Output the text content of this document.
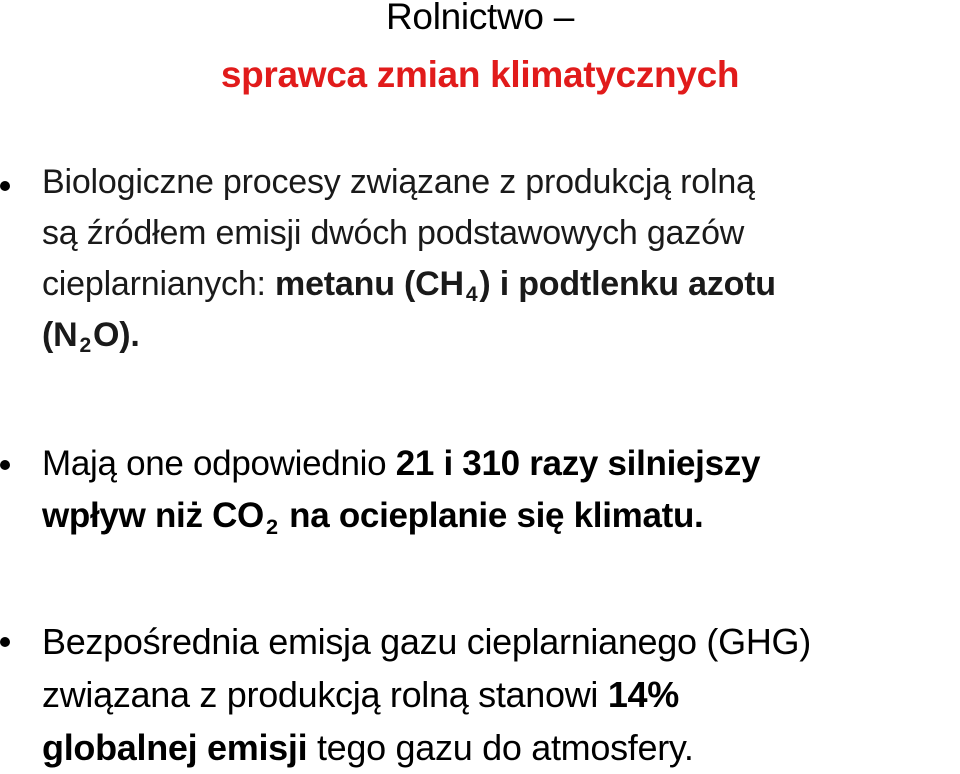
Rolnictwo –
sprawca zmian klimatycznych
Biologiczne procesy związane z produkcją rolną
są źródłem emisji dwóch podstawowych gazów
cieplarnianych: metanu $(CH_4)$ i podtlenku azotu
$(N_2O)$.
Mają one odpowiednio 21 i 310 razy silniejszy
wpływ niż $CO_2$ na ocieplanie się klimatu.
Bezpośrednia emisja gazu cieplarnianego (GHG)
związana z produkcją rolną stanowi 14%
globalnej emisji tego gazu do atmosfery.
